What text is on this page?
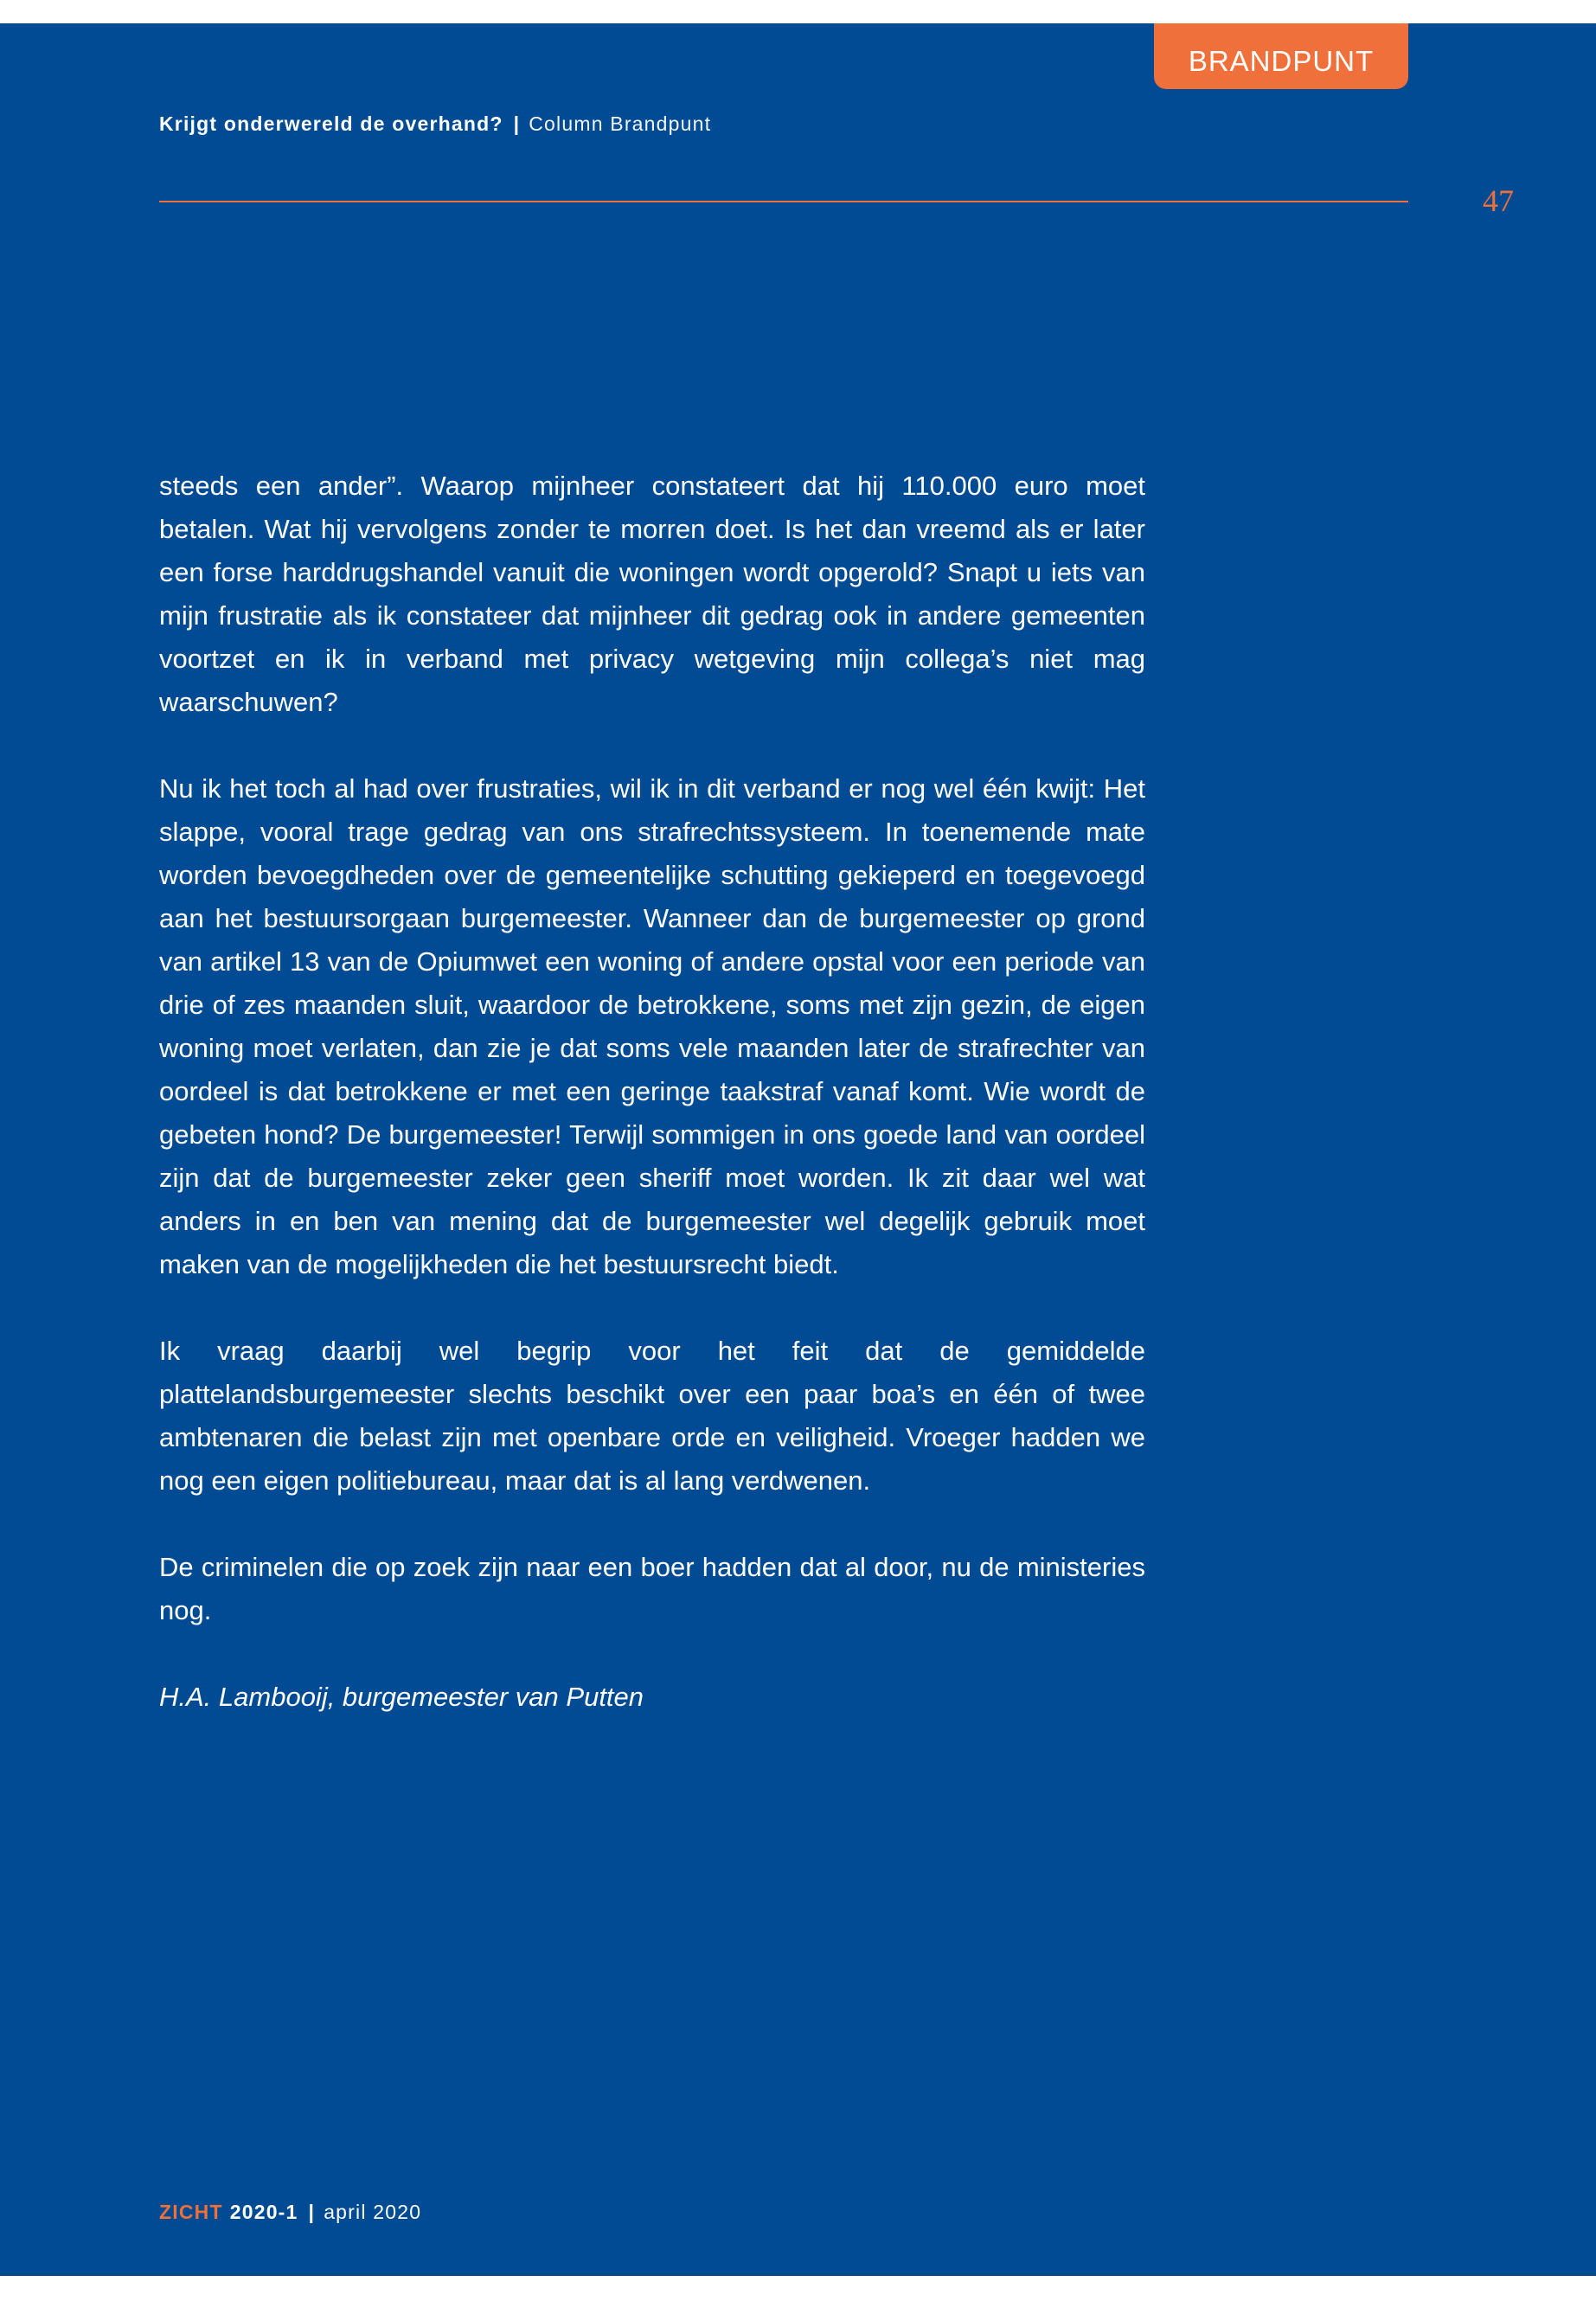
BRANDPUNT
Krijgt onderwereld de overhand? | Column Brandpunt
47

steeds een ander”. Waarop mijnheer constateert dat hij 110.000 euro moet betalen. Wat hij vervolgens zonder te morren doet. Is het dan vreemd als er later een forse harddrugshandel vanuit die woningen wordt opgerold? Snapt u iets van mijn frustratie als ik constateer dat mijnheer dit gedrag ook in andere gemeenten voortzet en ik in verband met privacy wetgeving mijn collega’s niet mag waarschuwen?

Nu ik het toch al had over frustraties, wil ik in dit verband er nog wel één kwijt: Het slappe, vooral trage gedrag van ons strafrechtssysteem. In toenemende mate worden bevoegdheden over de gemeentelijke schutting gekieperd en toegevoegd aan het bestuursorgaan burgemeester. Wanneer dan de burgemeester op grond van artikel 13 van de Opiumwet een woning of andere opstal voor een periode van drie of zes maanden sluit, waardoor de betrokkene, soms met zijn gezin, de eigen woning moet verlaten, dan zie je dat soms vele maanden later de strafrechter van oordeel is dat betrokkene er met een geringe taakstraf vanaf komt. Wie wordt de gebeten hond? De burgemeester! Terwijl sommigen in ons goede land van oordeel zijn dat de burgemeester zeker geen sheriff moet worden. Ik zit daar wel wat anders in en ben van mening dat de burgemeester wel degelijk gebruik moet maken van de mogelijkheden die het bestuursrecht biedt.

Ik vraag daarbij wel begrip voor het feit dat de gemiddelde plattelandsburgemeester slechts beschikt over een paar boa’s en één of twee ambtenaren die belast zijn met openbare orde en veiligheid. Vroeger hadden we nog een eigen politiebureau, maar dat is al lang verdwenen.

De criminelen die op zoek zijn naar een boer hadden dat al door, nu de ministeries nog.

H.A. Lambooij, burgemeester van Putten

ZICHT 2020-1 | april 2020
